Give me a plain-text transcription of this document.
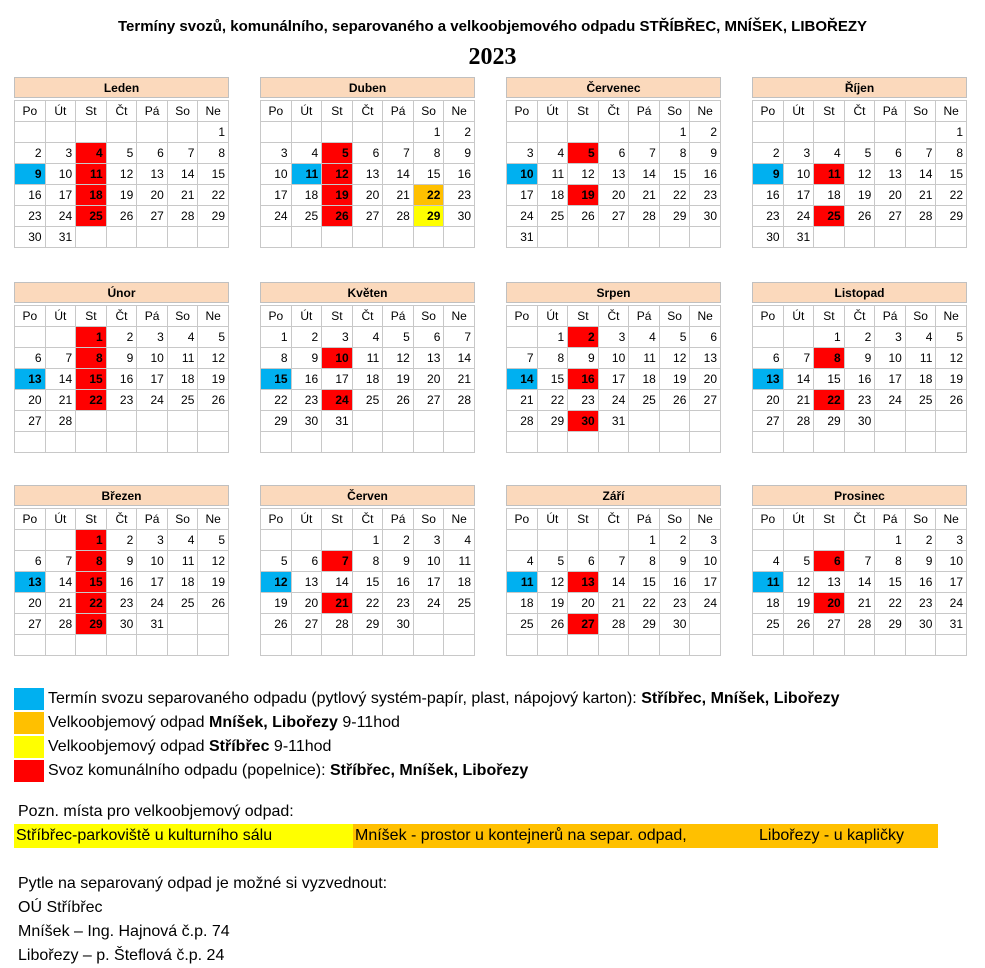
Termíny svozů, komunálního, separovaného a velkoobjemového odpadu STŘÍBŘEC, MNÍŠEK, LIBOŘEZY
2023
Leden
Po	Út	St	Čt	Pá	So	Ne
						1
2	3	4	5	6	7	8
9	10	11	12	13	14	15
16	17	18	19	20	21	22
23	24	25	26	27	28	29
30	31					
Duben
Po	Út	St	Čt	Pá	So	Ne
					1	2
3	4	5	6	7	8	9
10	11	12	13	14	15	16
17	18	19	20	21	22	23
24	25	26	27	28	29	30

Červenec
Po	Út	St	Čt	Pá	So	Ne
					1	2
3	4	5	6	7	8	9
10	11	12	13	14	15	16
17	18	19	20	21	22	23
24	25	26	27	28	29	30
31						
Říjen
Po	Út	St	Čt	Pá	So	Ne
						1
2	3	4	5	6	7	8
9	10	11	12	13	14	15
16	17	18	19	20	21	22
23	24	25	26	27	28	29
30	31					
Únor
Po	Út	St	Čt	Pá	So	Ne
		1	2	3	4	5
6	7	8	9	10	11	12
13	14	15	16	17	18	19
20	21	22	23	24	25	26
27	28					

Květen
Po	Út	St	Čt	Pá	So	Ne
1	2	3	4	5	6	7
8	9	10	11	12	13	14
15	16	17	18	19	20	21
22	23	24	25	26	27	28
29	30	31				

Srpen
Po	Út	St	Čt	Pá	So	Ne
	1	2	3	4	5	6
7	8	9	10	11	12	13
14	15	16	17	18	19	20
21	22	23	24	25	26	27
28	29	30	31			

Listopad
Po	Út	St	Čt	Pá	So	Ne
		1	2	3	4	5
6	7	8	9	10	11	12
13	14	15	16	17	18	19
20	21	22	23	24	25	26
27	28	29	30			

Březen
Po	Út	St	Čt	Pá	So	Ne
		1	2	3	4	5
6	7	8	9	10	11	12
13	14	15	16	17	18	19
20	21	22	23	24	25	26
27	28	29	30	31		

Červen
Po	Út	St	Čt	Pá	So	Ne
			1	2	3	4
5	6	7	8	9	10	11
12	13	14	15	16	17	18
19	20	21	22	23	24	25
26	27	28	29	30		

Září
Po	Út	St	Čt	Pá	So	Ne
				1	2	3
4	5	6	7	8	9	10
11	12	13	14	15	16	17
18	19	20	21	22	23	24
25	26	27	28	29	30	

Prosinec
Po	Út	St	Čt	Pá	So	Ne
				1	2	3
4	5	6	7	8	9	10
11	12	13	14	15	16	17
18	19	20	21	22	23	24
25	26	27	28	29	30	31

Termín svozu separovaného odpadu (pytlový systém-papír, plast, nápojový karton): Stříbřec, Mníšek, Libořezy
Velkoobjemový odpad Mníšek, Libořezy 9-11hod
Velkoobjemový odpad Stříbřec 9-11hod
Svoz komunálního odpadu (popelnice): Stříbřec, Mníšek, Libořezy
Pozn. místa pro velkoobjemový odpad:
Stříbřec-parkoviště u kulturního sálu	Mníšek - prostor u kontejnerů na separ. odpad,	Libořezy - u kapličky
Pytle na separovaný odpad je možné si vyzvednout:
OÚ Stříbřec
Mníšek – Ing. Hajnová č.p. 74
Libořezy – p. Šteflová č.p. 24
